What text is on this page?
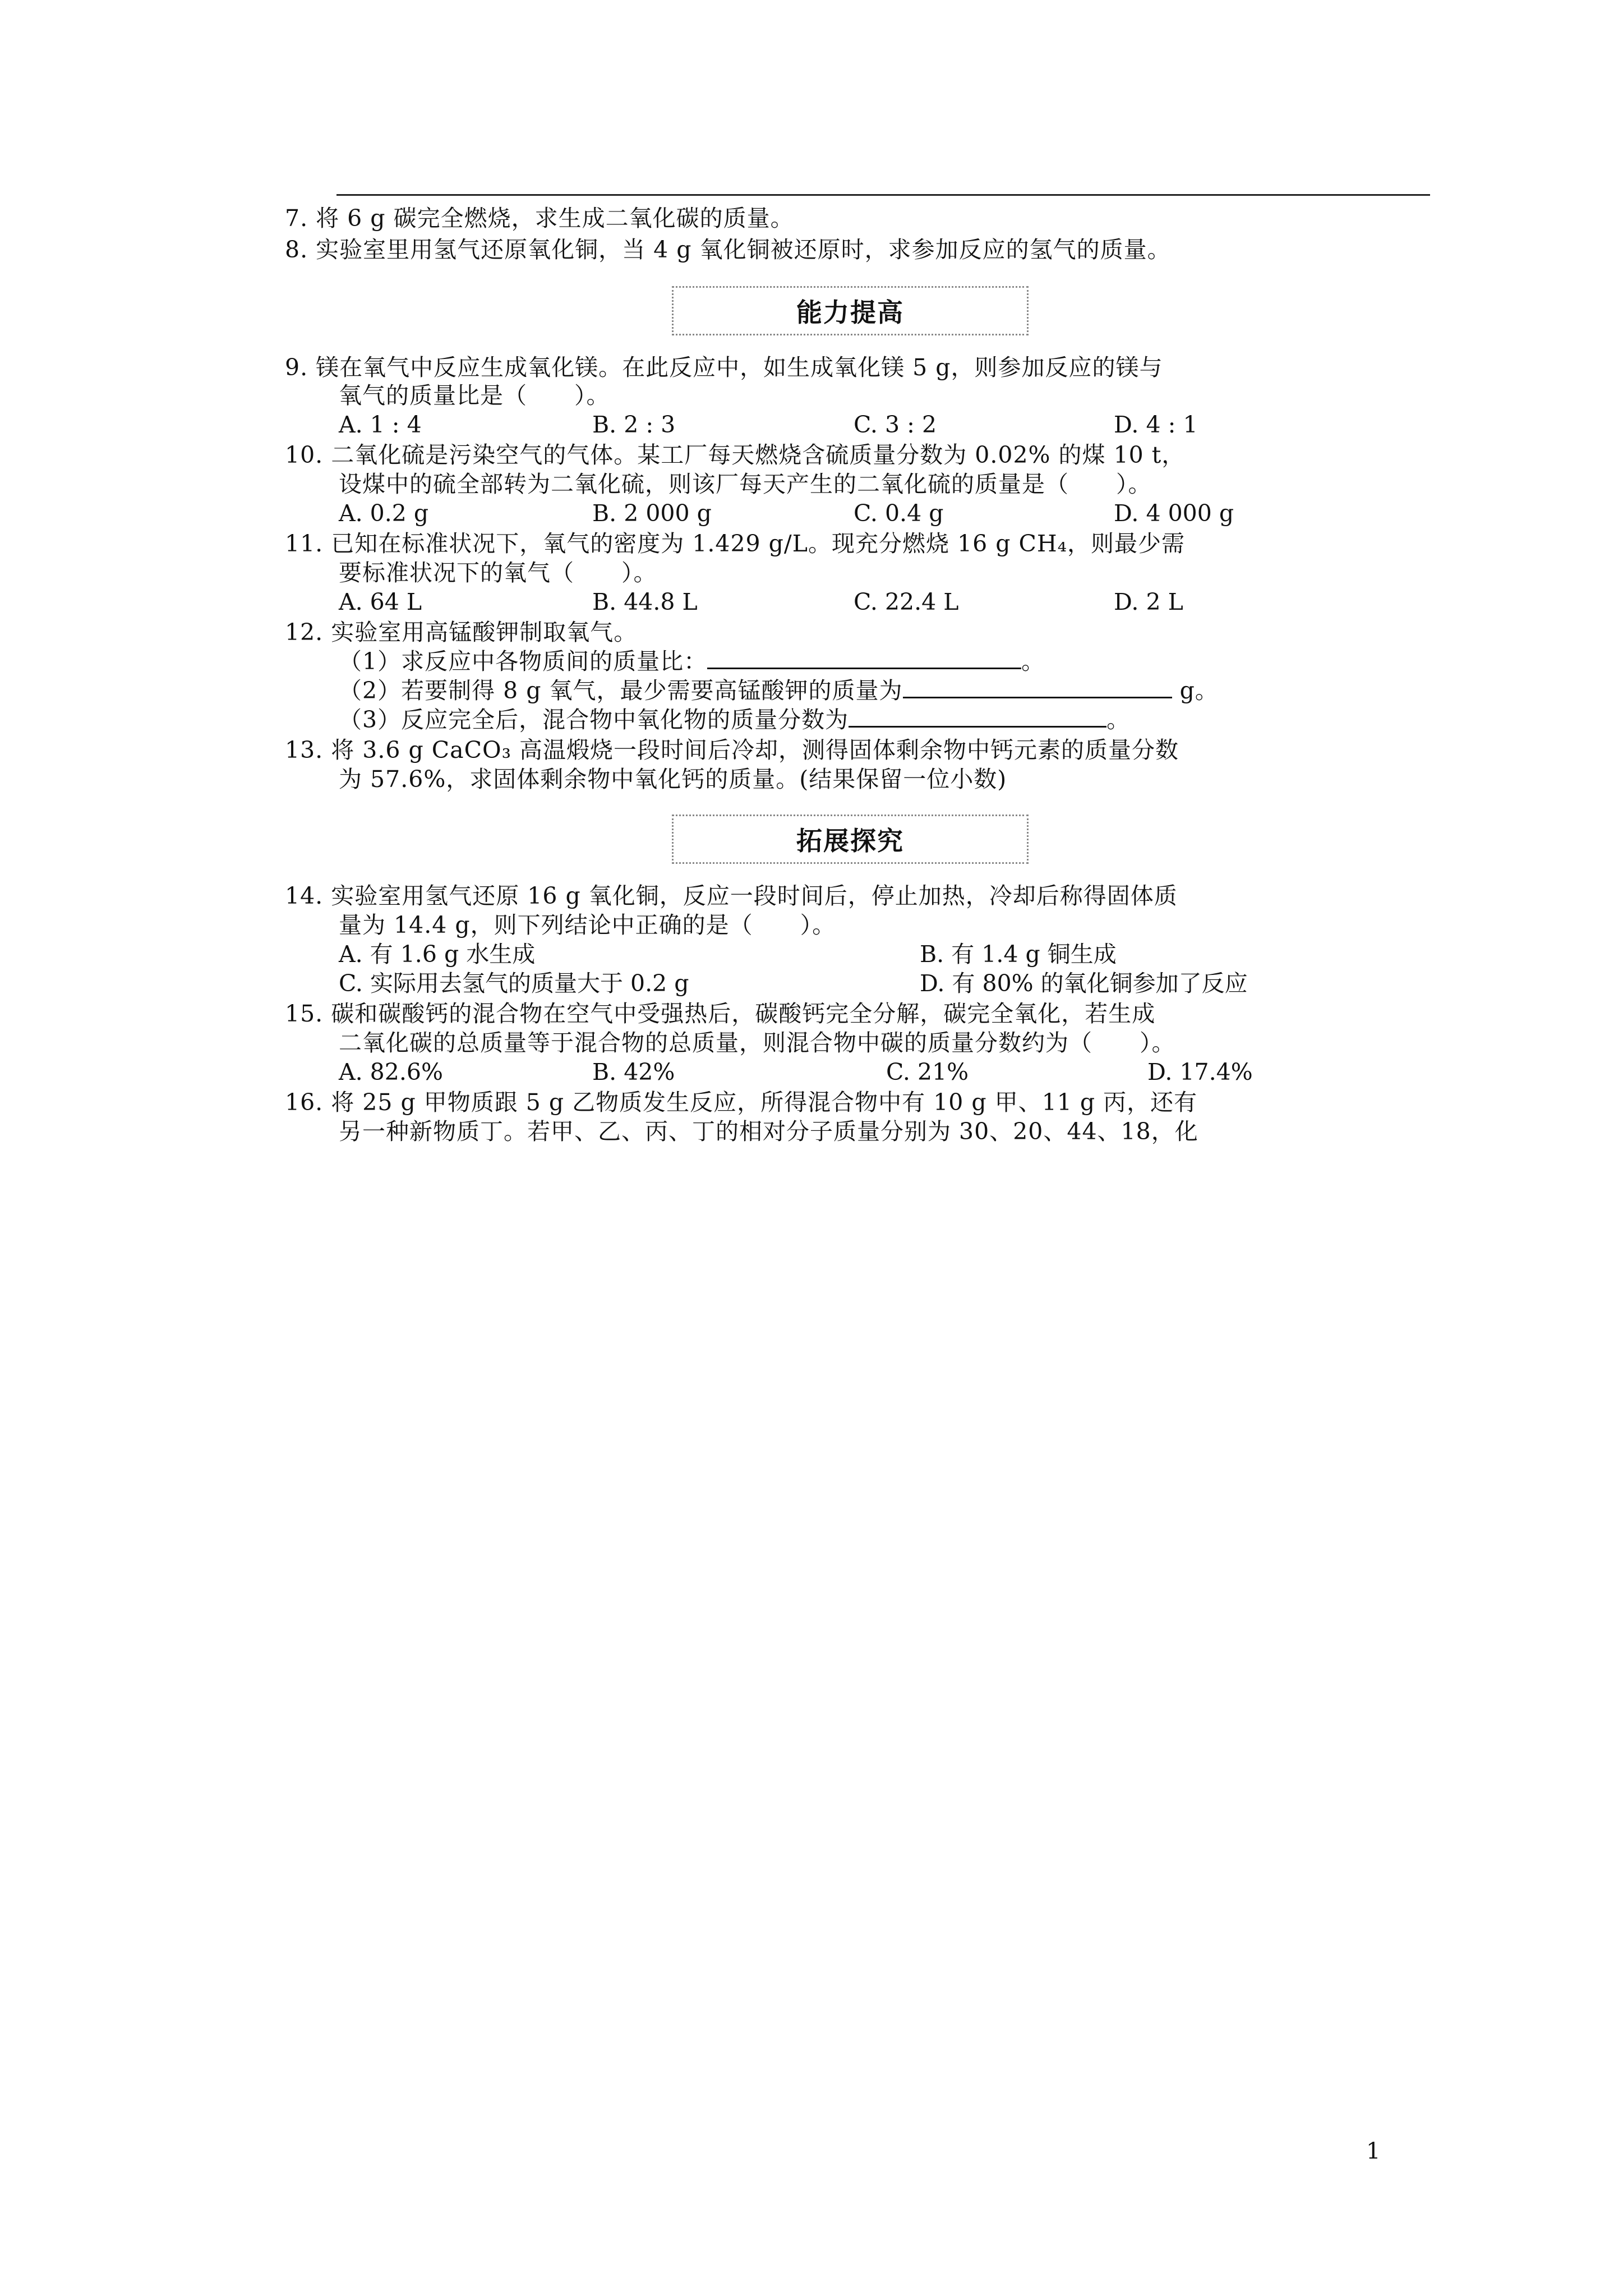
7. 将 6 g 碳完全燃烧，求生成二氧化碳的质量。
8. 实验室里用氢气还原氧化铜，当 4 g 氧化铜被还原时，求参加反应的氢气的质量。
能力提高
9. 镁在氧气中反应生成氧化镁。在此反应中，如生成氧化镁 5 g，则参加反应的镁与
氧气的质量比是（　　）。
A. 1 : 4	B. 2 : 3	C. 3 : 2	D. 4 : 1
10. 二氧化硫是污染空气的气体。某工厂每天燃烧含硫质量分数为 0.02% 的煤 10 t，
设煤中的硫全部转为二氧化硫，则该厂每天产生的二氧化硫的质量是（　　）。
A. 0.2 g	B. 2 000 g	C. 0.4 g	D. 4 000 g
11. 已知在标准状况下，氧气的密度为 1.429 g/L。现充分燃烧 16 g CH₄，则最少需
要标准状况下的氧气（　　）。
A. 64 L	B. 44.8 L	C. 22.4 L	D. 2 L
12. 实验室用高锰酸钾制取氧气。
（1）求反应中各物质间的质量比：	。
（2）若要制得 8 g 氧气，最少需要高锰酸钾的质量为	g。
（3）反应完全后，混合物中氧化物的质量分数为	。
13. 将 3.6 g CaCO₃ 高温煅烧一段时间后冷却，测得固体剩余物中钙元素的质量分数
为 57.6%，求固体剩余物中氧化钙的质量。(结果保留一位小数)
拓展探究
14. 实验室用氢气还原 16 g 氧化铜，反应一段时间后，停止加热，冷却后称得固体质
量为 14.4 g，则下列结论中正确的是（　　）。
A. 有 1.6 g 水生成	B. 有 1.4 g 铜生成
C. 实际用去氢气的质量大于 0.2 g	D. 有 80% 的氧化铜参加了反应
15. 碳和碳酸钙的混合物在空气中受强热后，碳酸钙完全分解，碳完全氧化，若生成
二氧化碳的总质量等于混合物的总质量，则混合物中碳的质量分数约为（　　）。
A. 82.6%	B. 42%	C. 21%	D. 17.4%
16. 将 25 g 甲物质跟 5 g 乙物质发生反应，所得混合物中有 10 g 甲、11 g 丙，还有
另一种新物质丁。若甲、乙、丙、丁的相对分子质量分别为 30、20、44、18，化
1
